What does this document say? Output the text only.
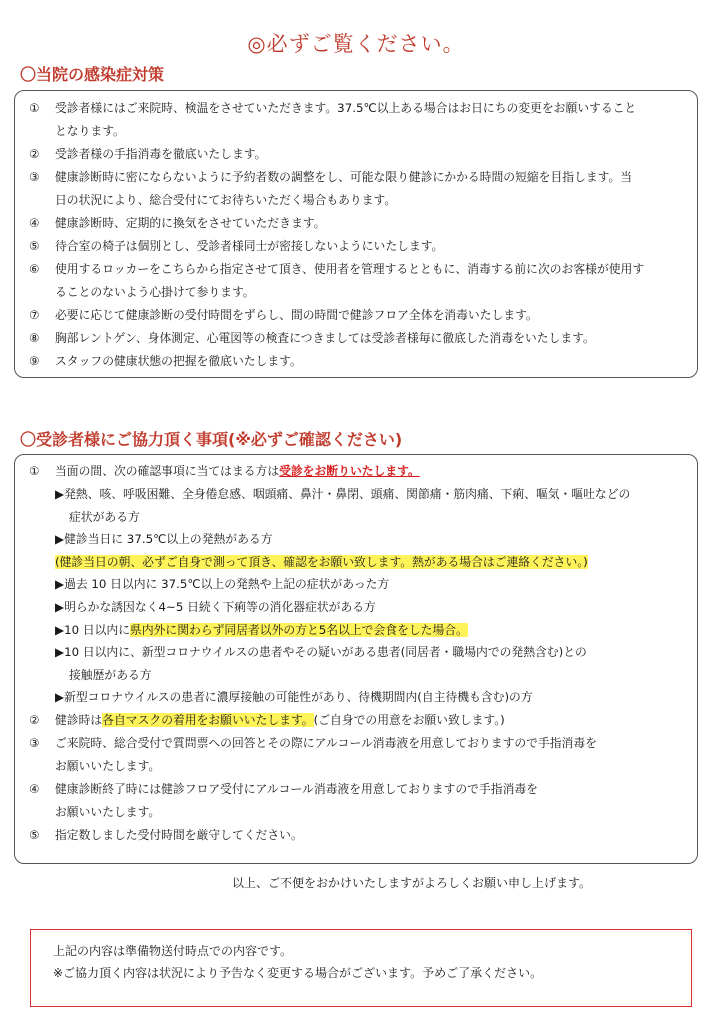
◎必ずご覧ください。
〇当院の感染症対策
①	受診者様にはご来院時、検温をさせていただきます。37.5℃以上ある場合はお日にちの変更をお願いすること
となります。
②	受診者様の手指消毒を徹底いたします。
③	健康診断時に密にならないように予約者数の調整をし、可能な限り健診にかかる時間の短縮を目指します。当
日の状況により、総合受付にてお待ちいただく場合もあります。
④	健康診断時、定期的に換気をさせていただきます。
⑤	待合室の椅子は個別とし、受診者様同士が密接しないようにいたします。
⑥	使用するロッカーをこちらから指定させて頂き、使用者を管理するとともに、消毒する前に次のお客様が使用す
ることのないよう心掛けて参ります。
⑦	必要に応じて健康診断の受付時間をずらし、間の時間で健診フロア全体を消毒いたします。
⑧	胸部レントゲン、身体測定、心電図等の検査につきましては受診者様毎に徹底した消毒をいたします。
⑨	スタッフの健康状態の把握を徹底いたします。
〇受診者様にご協力頂く事項(※必ずご確認ください)
①	当面の間、次の確認事項に当てはまる方は受診をお断りいたします。
▶発熱、咳、呼吸困難、全身倦怠感、咽頭痛、鼻汁・鼻閉、頭痛、関節痛・筋肉痛、下痢、嘔気・嘔吐などの
症状がある方
▶健診当日に 37.5℃以上の発熱がある方
(健診当日の朝、必ずご自身で測って頂き、確認をお願い致します。熱がある場合はご連絡ください。)
▶過去 10 日以内に 37.5℃以上の発熱や上記の症状があった方
▶明らかな誘因なく4~5 日続く下痢等の消化器症状がある方
▶10 日以内に県内外に関わらず同居者以外の方と5名以上で会食をした場合。
▶10 日以内に、新型コロナウイルスの患者やその疑いがある患者(同居者・職場内での発熱含む)との
接触歴がある方
▶新型コロナウイルスの患者に濃厚接触の可能性があり、待機期間内(自主待機も含む)の方
②	健診時は各自マスクの着用をお願いいたします。(ご自身での用意をお願い致します。)
③	ご来院時、総合受付で質問票への回答とその際にアルコール消毒液を用意しておりますので手指消毒を
お願いいたします。
④	健康診断終了時には健診フロア受付にアルコール消毒液を用意しておりますので手指消毒を
お願いいたします。
⑤	指定数しました受付時間を厳守してください。
以上、ご不便をおかけいたしますがよろしくお願い申し上げます。
上記の内容は準備物送付時点での内容です。
※ご協力頂く内容は状況により予告なく変更する場合がございます。予めご了承ください。
